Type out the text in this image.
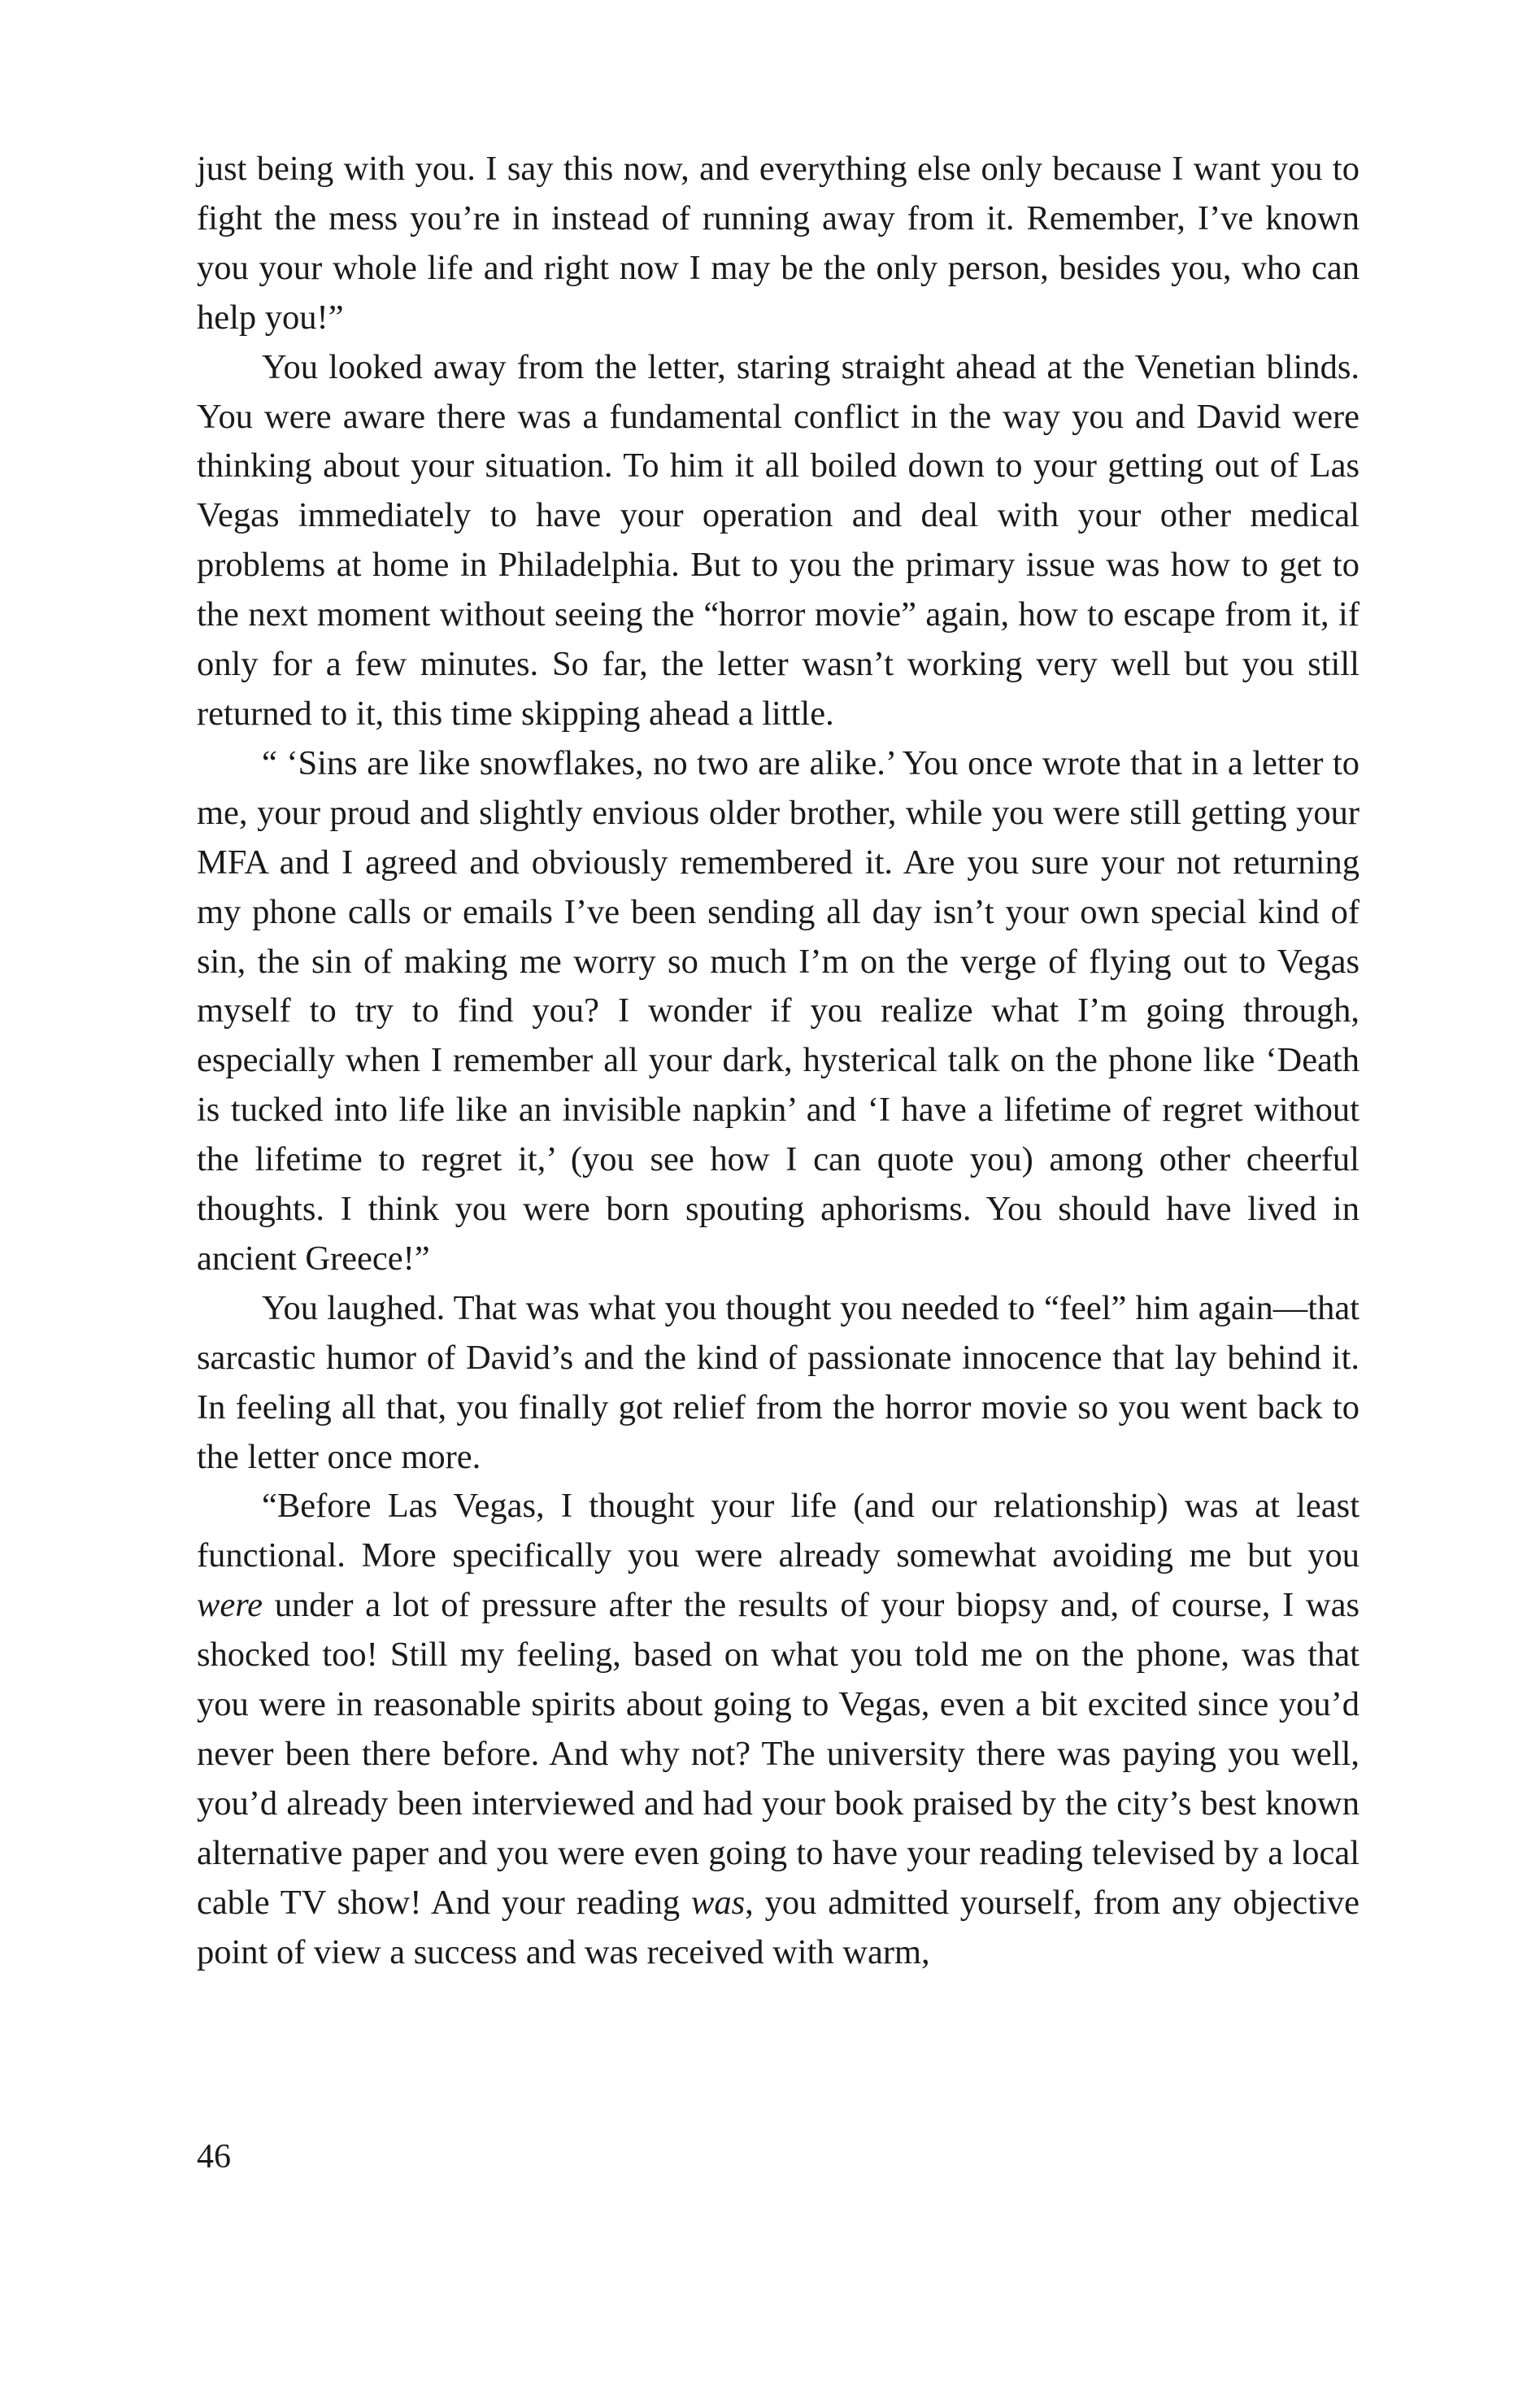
just being with you. I say this now, and everything else only because I want you to fight the mess you’re in instead of running away from it. Remember, I’ve known you your whole life and right now I may be the only person, besides you, who can help you!”

You looked away from the letter, staring straight ahead at the Venetian blinds. You were aware there was a fundamental conflict in the way you and David were thinking about your situation. To him it all boiled down to your getting out of Las Vegas immediately to have your operation and deal with your other medical problems at home in Philadelphia. But to you the primary issue was how to get to the next moment without seeing the “horror movie” again, how to escape from it, if only for a few minutes. So far, the letter wasn’t working very well but you still returned to it, this time skipping ahead a little.

“ ‘Sins are like snowflakes, no two are alike.’ You once wrote that in a letter to me, your proud and slightly envious older brother, while you were still getting your MFA and I agreed and obviously remembered it. Are you sure your not returning my phone calls or emails I’ve been sending all day isn’t your own special kind of sin, the sin of making me worry so much I’m on the verge of flying out to Vegas myself to try to find you? I wonder if you realize what I’m going through, especially when I remember all your dark, hysterical talk on the phone like ‘Death is tucked into life like an invisible napkin’ and ‘I have a lifetime of regret without the lifetime to regret it,’ (you see how I can quote you) among other cheerful thoughts. I think you were born spouting aphorisms. You should have lived in ancient Greece!”

You laughed. That was what you thought you needed to “feel” him again—that sarcastic humor of David’s and the kind of passionate innocence that lay behind it. In feeling all that, you finally got relief from the horror movie so you went back to the letter once more.

“Before Las Vegas, I thought your life (and our relationship) was at least functional. More specifically you were already somewhat avoiding me but you were under a lot of pressure after the results of your biopsy and, of course, I was shocked too! Still my feeling, based on what you told me on the phone, was that you were in reasonable spirits about going to Vegas, even a bit excited since you’d never been there before. And why not? The university there was paying you well, you’d already been interviewed and had your book praised by the city’s best known alternative paper and you were even going to have your reading televised by a local cable TV show! And your reading was, you admitted yourself, from any objective point of view a success and was received with warm,

46
